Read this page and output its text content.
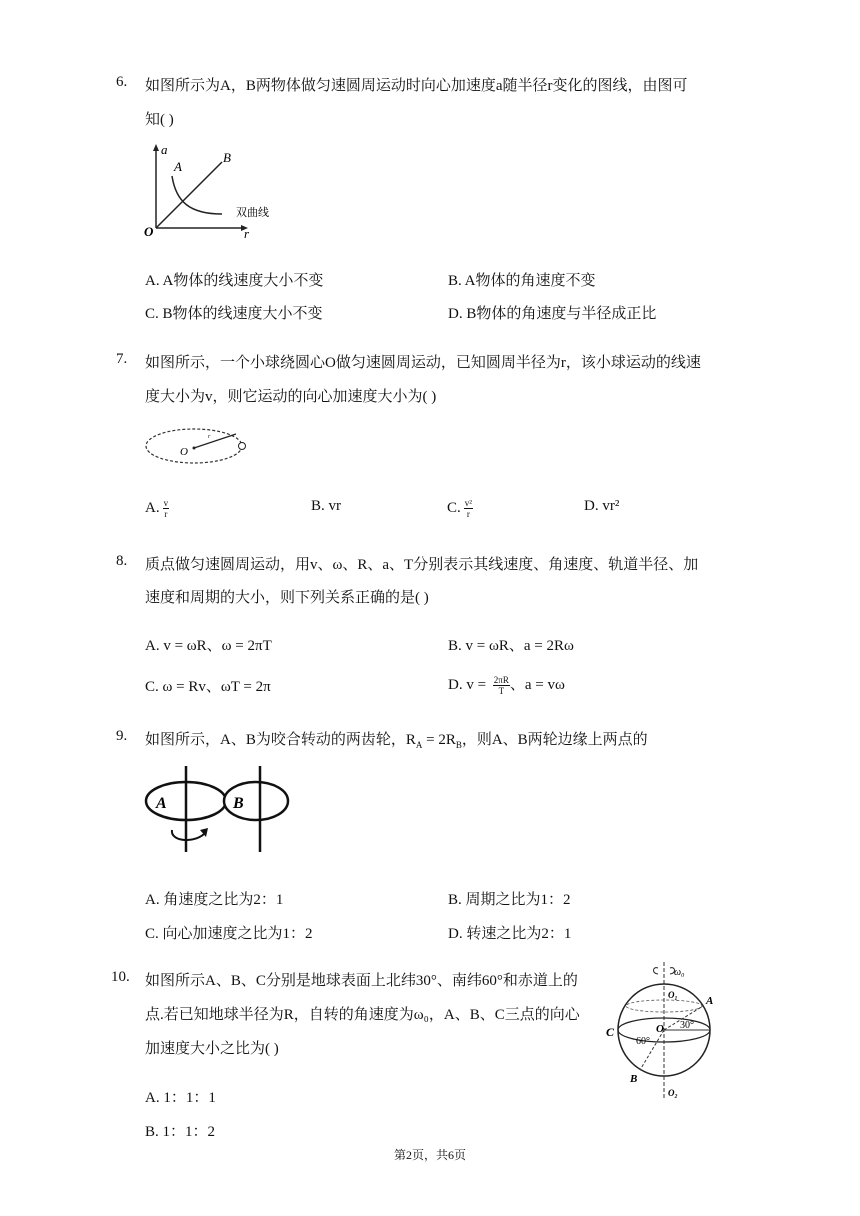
6. 如图所示为A，B两物体做匀速圆周运动时向心加速度a随半径r变化的图线，由图可
知( )
a
A
B
O	r
双曲线
A. A物体的线速度大小不变	B. A物体的角速度不变
C. B物体的线速度大小不变	D. B物体的角速度与半径成正比
7. 如图所示，一个小球绕圆心O做匀速圆周运动，已知圆周半径为r，该小球运动的线速
度大小为v，则它运动的向心加速度大小为( )
O
r
A. $\frac{v}{r}$	B. vr	C. $\frac{\text{v²}}{r}$	D. vr²
8. 质点做匀速圆周运动，用v、ω、R、a、T分别表示其线速度、角速度、轨道半径、加
速度和周期的大小，则下列关系正确的是( )
A. v = ωR、ω = 2πT	B. v = ωR、a = 2Rω
C. ω = Rv、ωT = 2π	D. $v = \frac{2\pi R}{T}$ 、a = vω
9. 如图所示，A、B为咬合转动的两齿轮，$R_A = 2R_B$，则A、B两轮边缘上两点的
A	B
A. 角速度之比为2：1	B. 周期之比为1：2
C. 向心加速度之比为1：2	D. 转速之比为2：1
10. 如图所示A、B、C分别是地球表面上北纬30°、南纬60°和赤道上的
点.若已知地球半径为R，自转的角速度为ω₀，A、B、C三点的向心
加速度大小之比为( )
ω₀
O₁
O
O₂
A
B
C	30°
60°
A. 1：1：1
B. 1：1：2
第2页，共6页
